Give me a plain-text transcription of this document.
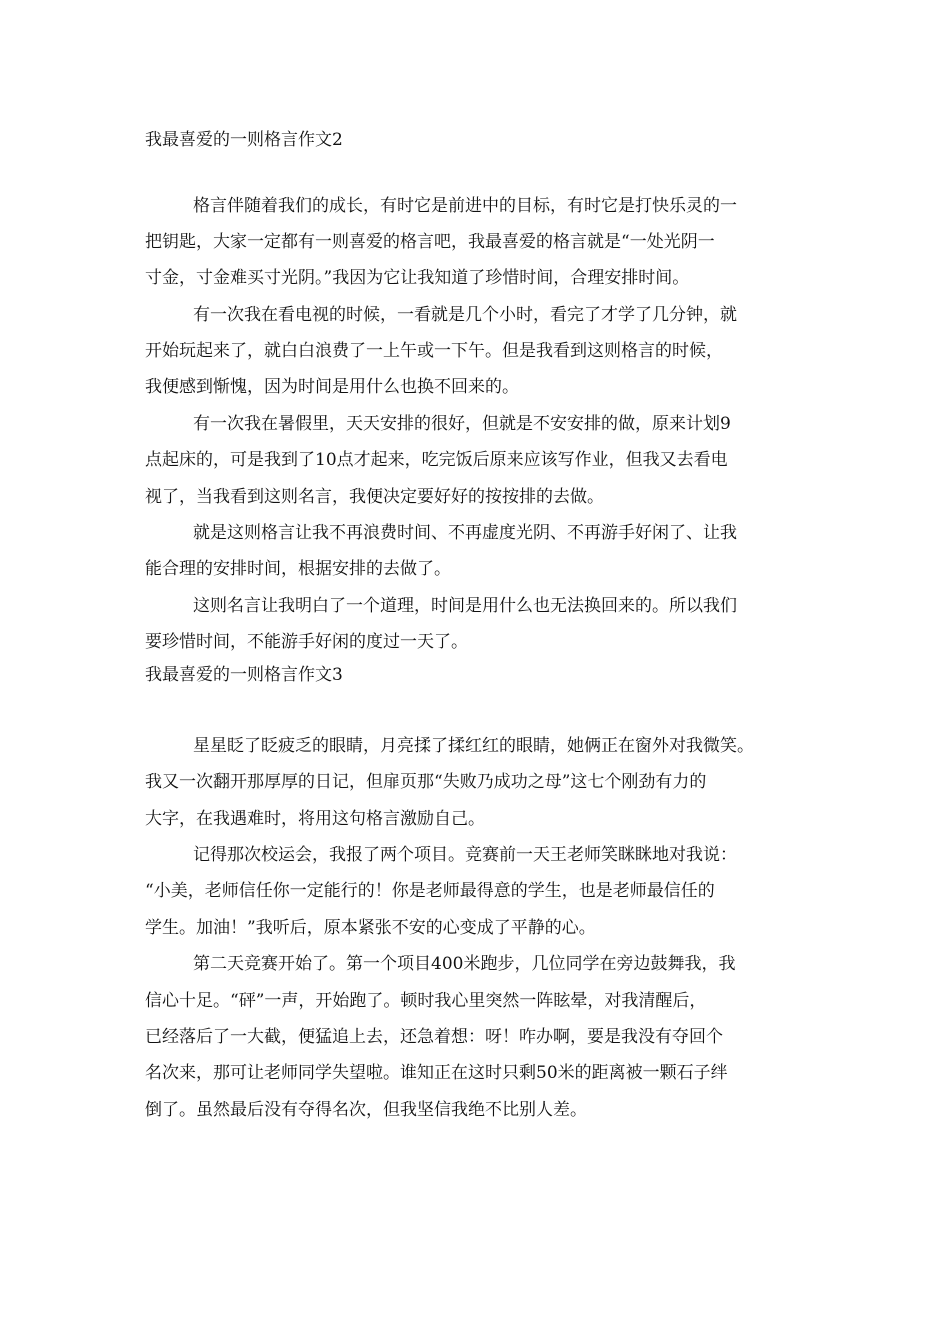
我最喜爱的一则格言作文2
格言伴随着我们的成长，有时它是前进中的目标，有时它是打快乐灵的一
把钥匙，大家一定都有一则喜爱的格言吧，我最喜爱的格言就是“一处光阴一
寸金，寸金难买寸光阴。”我因为它让我知道了珍惜时间，合理安排时间。
有一次我在看电视的时候，一看就是几个小时，看完了才学了几分钟，就
开始玩起来了，就白白浪费了一上午或一下午。但是我看到这则格言的时候，
我便感到惭愧，因为时间是用什么也换不回来的。
有一次我在暑假里，天天安排的很好，但就是不安安排的做，原来计划9
点起床的，可是我到了10点才起来，吃完饭后原来应该写作业，但我又去看电
视了，当我看到这则名言，我便决定要好好的按按排的去做。
就是这则格言让我不再浪费时间、不再虚度光阴、不再游手好闲了、让我
能合理的安排时间，根据安排的去做了。
这则名言让我明白了一个道理，时间是用什么也无法换回来的。所以我们
要珍惜时间，不能游手好闲的度过一天了。
我最喜爱的一则格言作文3
星星眨了眨疲乏的眼睛，月亮揉了揉红红的眼睛，她俩正在窗外对我微笑。
我又一次翻开那厚厚的日记，但扉页那“失败乃成功之母”这七个刚劲有力的
大字，在我遇难时，将用这句格言激励自己。
记得那次校运会，我报了两个项目。竞赛前一天王老师笑眯眯地对我说：
“小美，老师信任你一定能行的！你是老师最得意的学生，也是老师最信任的
学生。加油！”我听后，原本紧张不安的心变成了平静的心。
第二天竞赛开始了。第一个项目400米跑步，几位同学在旁边鼓舞我，我
信心十足。“砰”一声，开始跑了。顿时我心里突然一阵眩晕，对我清醒后，
已经落后了一大截，便猛追上去，还急着想：呀！咋办啊，要是我没有夺回个
名次来，那可让老师同学失望啦。谁知正在这时只剩50米的距离被一颗石子绊
倒了。虽然最后没有夺得名次，但我坚信我绝不比别人差。
